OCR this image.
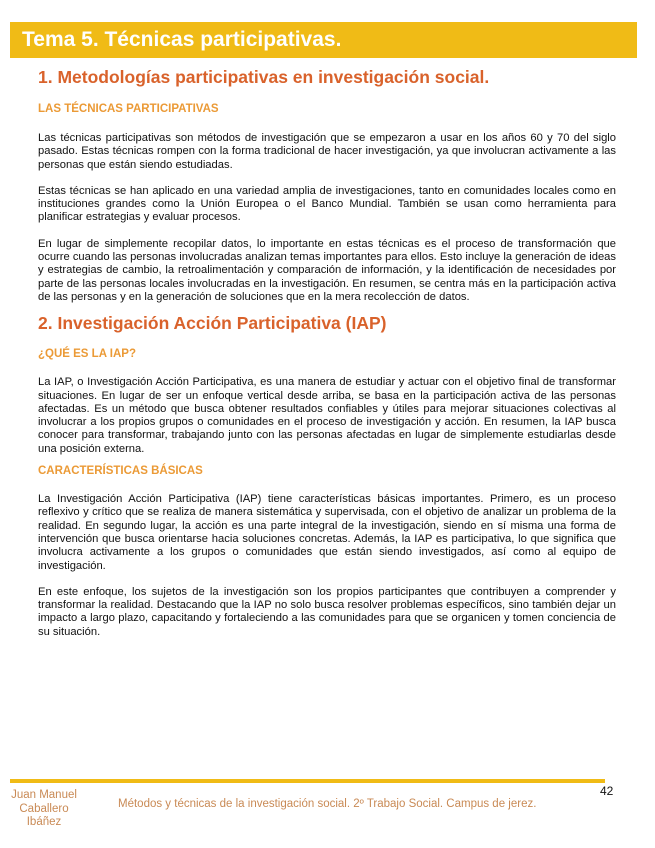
Tema 5. Técnicas participativas.
1. Metodologías participativas en investigación social.
LAS TÉCNICAS PARTICIPATIVAS

Las técnicas participativas son métodos de investigación que se empezaron a usar en los años 60 y 70 del siglo pasado. Estas técnicas rompen con la forma tradicional de hacer investigación, ya que involucran activamente a las personas que están siendo estudiadas.

Estas técnicas se han aplicado en una variedad amplia de investigaciones, tanto en comunidades locales como en instituciones grandes como la Unión Europea o el Banco Mundial. También se usan como herramienta para planificar estrategias y evaluar procesos.

En lugar de simplemente recopilar datos, lo importante en estas técnicas es el proceso de transformación que ocurre cuando las personas involucradas analizan temas importantes para ellos. Esto incluye la generación de ideas y estrategias de cambio, la retroalimentación y comparación de información, y la identificación de necesidades por parte de las personas locales involucradas en la investigación. En resumen, se centra más en la participación activa de las personas y en la generación de soluciones que en la mera recolección de datos.

2. Investigación Acción Participativa (IAP)
¿QUÉ ES LA IAP?

La IAP, o Investigación Acción Participativa, es una manera de estudiar y actuar con el objetivo final de transformar situaciones. En lugar de ser un enfoque vertical desde arriba, se basa en la participación activa de las personas afectadas. Es un método que busca obtener resultados confiables y útiles para mejorar situaciones colectivas al involucrar a los propios grupos o comunidades en el proceso de investigación y acción. En resumen, la IAP busca conocer para transformar, trabajando junto con las personas afectadas en lugar de simplemente estudiarlas desde una posición externa.

CARACTERÍSTICAS BÁSICAS

La Investigación Acción Participativa (IAP) tiene características básicas importantes. Primero, es un proceso reflexivo y crítico que se realiza de manera sistemática y supervisada, con el objetivo de analizar un problema de la realidad. En segundo lugar, la acción es una parte integral de la investigación, siendo en sí misma una forma de intervención que busca orientarse hacia soluciones concretas. Además, la IAP es participativa, lo que significa que involucra activamente a los grupos o comunidades que están siendo investigados, así como al equipo de investigación.

En este enfoque, los sujetos de la investigación son los propios participantes que contribuyen a comprender y transformar la realidad. Destacando que la IAP no solo busca resolver problemas específicos, sino también dejar un impacto a largo plazo, capacitando y fortaleciendo a las comunidades para que se organicen y tomen conciencia de su situación.

42
Juan Manuel Caballero Ibáñez
Métodos y técnicas de la investigación social. 2º Trabajo Social. Campus de jerez.
